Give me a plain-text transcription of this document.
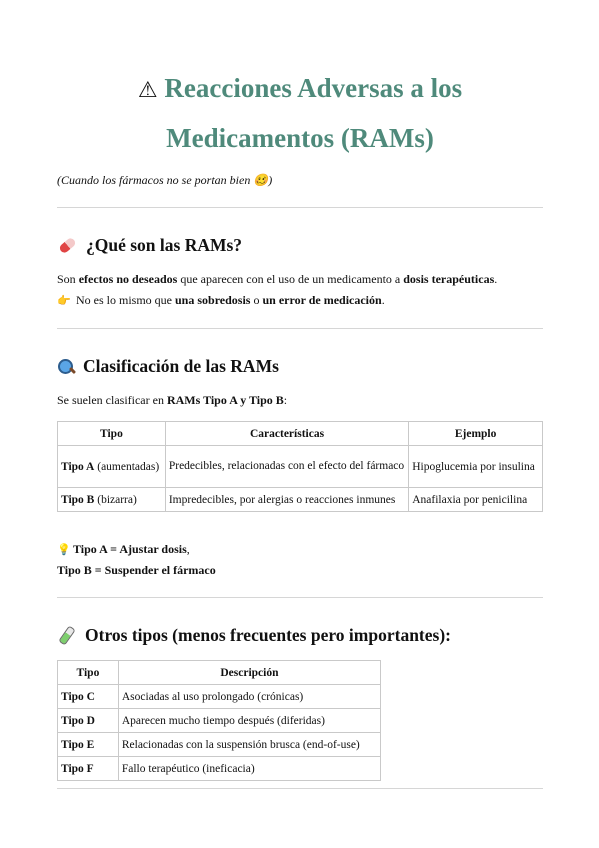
⚠ Reacciones Adversas a los
Medicamentos (RAMs)
(Cuando los fármacos no se portan bien 🥴)
¿Qué son las RAMs?
Son efectos no deseados que aparecen con el uso de un medicamento a dosis terapéuticas.
👉 No es lo mismo que una sobredosis o un error de medicación.
Clasificación de las RAMs
Se suelen clasificar en RAMs Tipo A y Tipo B:
Tipo	Características	Ejemplo
Tipo A (aumentadas)	Predecibles, relacionadas con el efecto del fármaco	Hipoglucemia por insulina
Tipo B (bizarra)	Impredecibles, por alergias o reacciones inmunes	Anafilaxia por penicilina
💡 Tipo A = Ajustar dosis,
Tipo B = Suspender el fármaco
Otros tipos (menos frecuentes pero importantes):
Tipo	Descripción
Tipo C	Asociadas al uso prolongado (crónicas)
Tipo D	Aparecen mucho tiempo después (diferidas)
Tipo E	Relacionadas con la suspensión brusca (end-of-use)
Tipo F	Fallo terapéutico (ineficacia)
